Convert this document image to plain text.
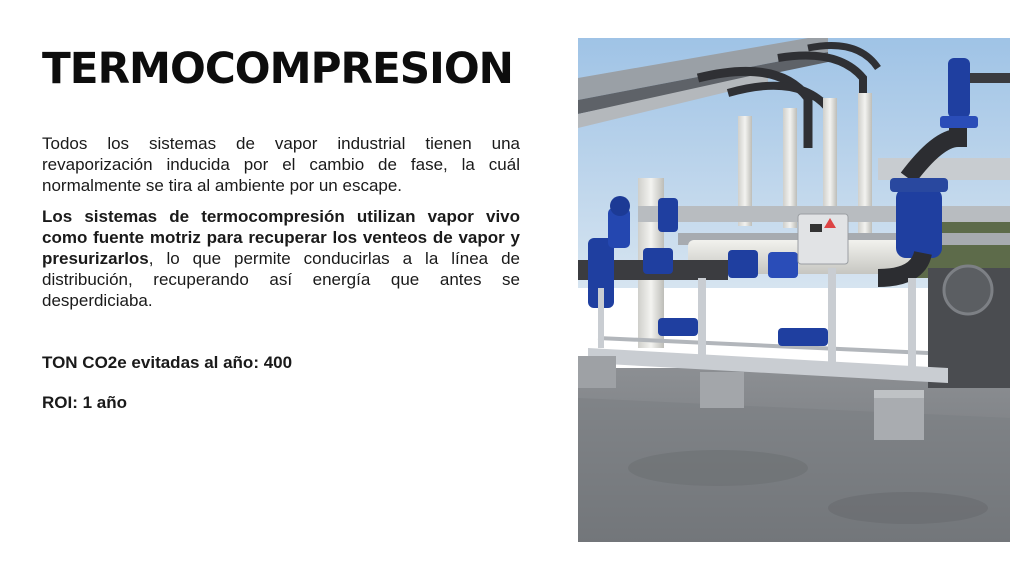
TERMOCOMPRESION

Todos los sistemas de vapor industrial tienen una revaporización inducida por el cambio de fase, la cuál normalmente se tira al ambiente por un escape.

Los sistemas de termocompresión utilizan vapor vivo como fuente motriz para recuperar los venteos de vapor y presurizarlos, lo que permite conducirlas a la línea de distribución, recuperando así energía que antes se desperdiciaba.

TON CO2e evitadas al año: 400

ROI: 1 año
